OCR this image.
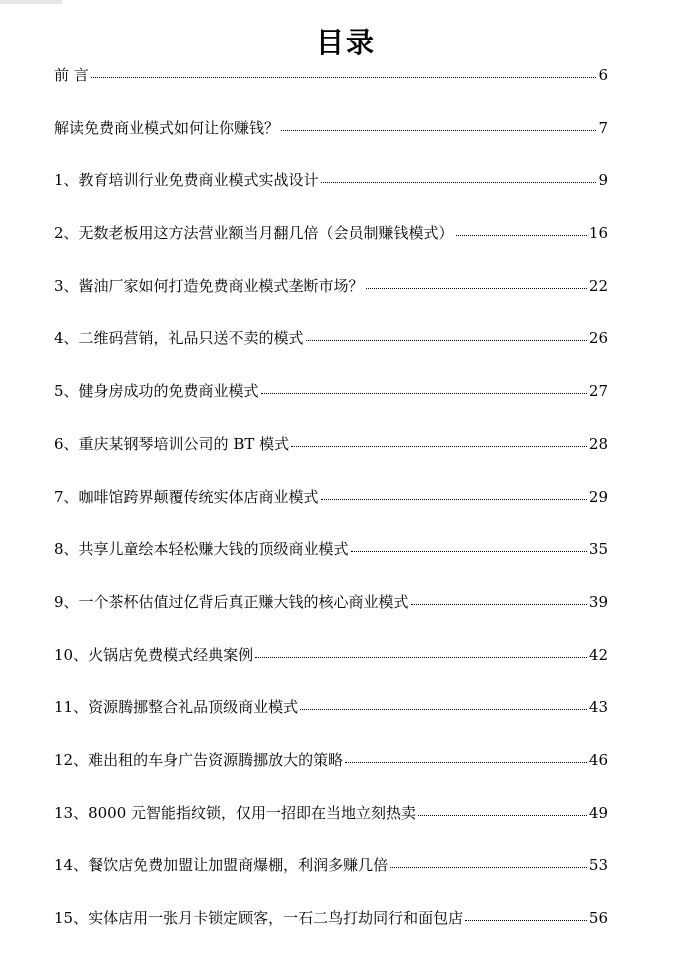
目录
前 言	6
解读免费商业模式如何让你赚钱？	7
1、教育培训行业免费商业模式实战设计	9
2、无数老板用这方法营业额当月翻几倍（会员制赚钱模式）	16
3、酱油厂家如何打造免费商业模式垄断市场？	22
4、二维码营销，礼品只送不卖的模式	26
5、健身房成功的免费商业模式	27
6、重庆某钢琴培训公司的 BT 模式	28
7、咖啡馆跨界颠覆传统实体店商业模式	29
8、共享儿童绘本轻松赚大钱的顶级商业模式	35
9、一个茶杯估值过亿背后真正赚大钱的核心商业模式	39
10、火锅店免费模式经典案例	42
11、资源腾挪整合礼品顶级商业模式	43
12、难出租的车身广告资源腾挪放大的策略	46
13、8000 元智能指纹锁，仅用一招即在当地立刻热卖	49
14、餐饮店免费加盟让加盟商爆棚，利润多赚几倍	53
15、实体店用一张月卡锁定顾客，一石二鸟打劫同行和面包店	56
